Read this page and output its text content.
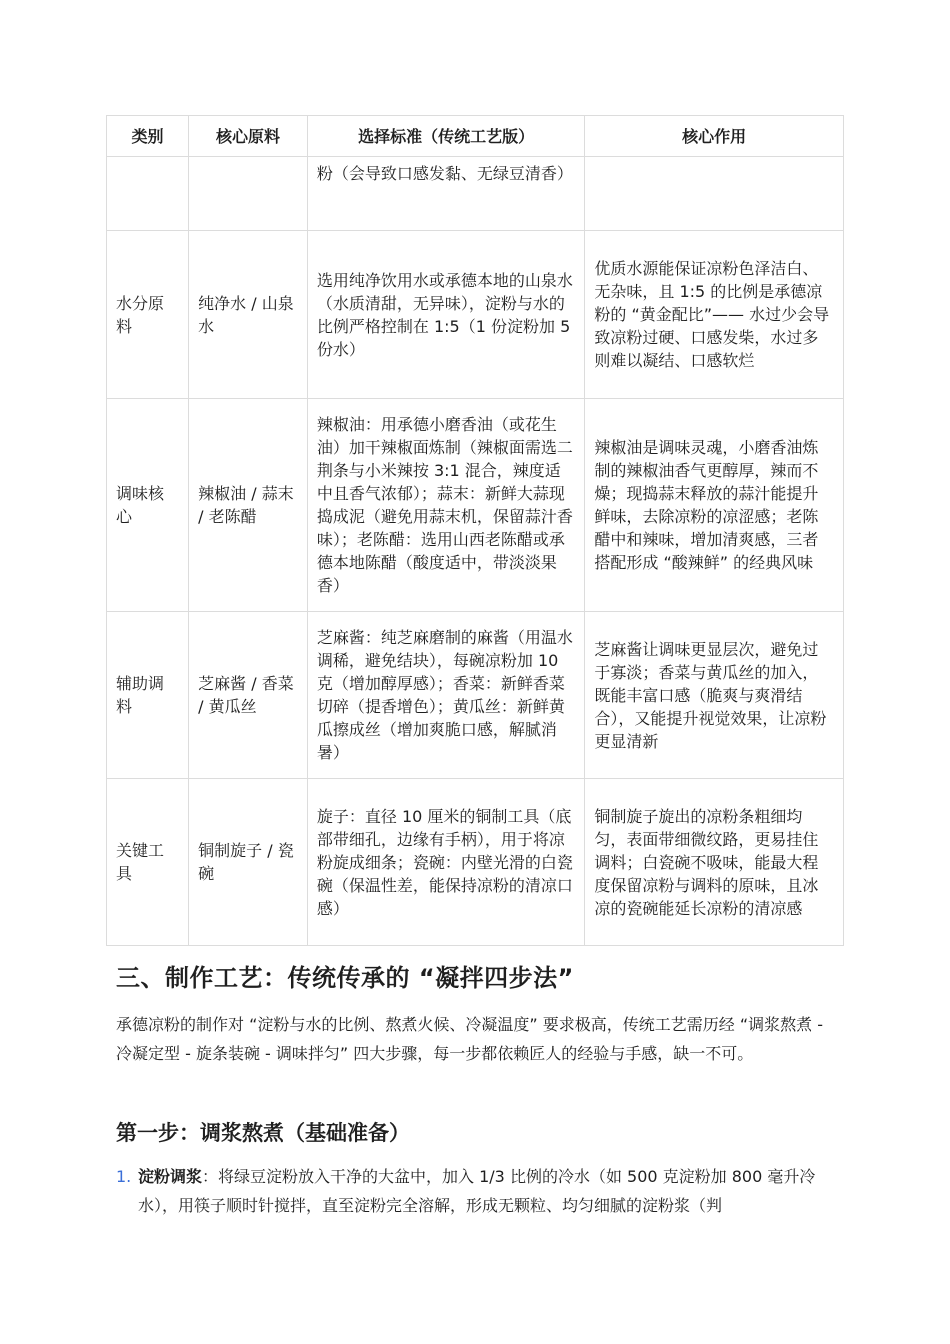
类别	核心原料	选择标准（传统工艺版）	核心作用
		粉（会导致口感发黏、无绿豆清香）	
水分原料	纯净水 / 山泉水	选用纯净饮用水或承德本地的山泉水（水质清甜，无异味），淀粉与水的比例严格控制在 1:5（1 份淀粉加 5 份水）	优质水源能保证凉粉色泽洁白、无杂味，且 1:5 的比例是承德凉粉的 “黄金配比”—— 水过少会导致凉粉过硬、口感发柴，水过多则难以凝结、口感软烂
调味核心	辣椒油 / 蒜末 / 老陈醋	辣椒油：用承德小磨香油（或花生油）加干辣椒面炼制（辣椒面需选二荆条与小米辣按 3:1 混合，辣度适中且香气浓郁）；蒜末：新鲜大蒜现捣成泥（避免用蒜末机，保留蒜汁香味）；老陈醋：选用山西老陈醋或承德本地陈醋（酸度适中，带淡淡果香）	辣椒油是调味灵魂，小磨香油炼制的辣椒油香气更醇厚，辣而不燥；现捣蒜末释放的蒜汁能提升鲜味，去除凉粉的凉涩感；老陈醋中和辣味，增加清爽感，三者搭配形成 “酸辣鲜” 的经典风味
辅助调料	芝麻酱 / 香菜 / 黄瓜丝	芝麻酱：纯芝麻磨制的麻酱（用温水调稀，避免结块），每碗凉粉加 10 克（增加醇厚感）；香菜：新鲜香菜切碎（提香增色）；黄瓜丝：新鲜黄瓜擦成丝（增加爽脆口感，解腻消暑）	芝麻酱让调味更显层次，避免过于寡淡；香菜与黄瓜丝的加入，既能丰富口感（脆爽与爽滑结合），又能提升视觉效果，让凉粉更显清新
关键工具	铜制旋子 / 瓷碗	旋子：直径 10 厘米的铜制工具（底部带细孔，边缘有手柄），用于将凉粉旋成细条；瓷碗：内壁光滑的白瓷碗（保温性差，能保持凉粉的清凉口感）	铜制旋子旋出的凉粉条粗细均匀，表面带细微纹路，更易挂住调料；白瓷碗不吸味，能最大程度保留凉粉与调料的原味，且冰凉的瓷碗能延长凉粉的清凉感
三、制作工艺：传统传承的 “凝拌四步法”

承德凉粉的制作对 “淀粉与水的比例、熬煮火候、冷凝温度” 要求极高，传统工艺需历经 “调浆熬煮 - 冷凝定型 - 旋条装碗 - 调味拌匀” 四大步骤，每一步都依赖匠人的经验与手感，缺一不可。

第一步：调浆熬煮（基础准备）
1. 淀粉调浆：将绿豆淀粉放入干净的大盆中，加入 1/3 比例的冷水（如 500 克淀粉加 800 毫升冷水），用筷子顺时针搅拌，直至淀粉完全溶解，形成无颗粒、均匀细腻的淀粉浆（判
